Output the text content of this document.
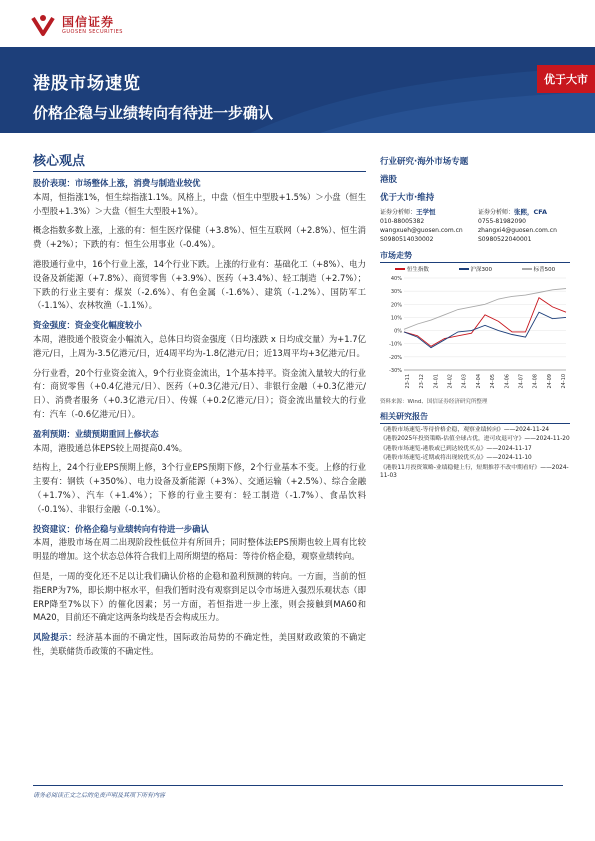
国信证券
GUOSEN SECURITIES
港股市场速览
价格企稳与业绩转向有待进一步确认
优于大市
核心观点

股价表现：市场整体上涨，消费与制造业较优
本周，恒指涨1%，恒生综指涨1.1%。风格上，中盘（恒生中型股+1.5%）＞小盘（恒生小型股+1.3%）＞大盘（恒生大型股+1%）。

概念指数多数上涨，上涨的有：恒生医疗保健（+3.8%）、恒生互联网（+2.8%）、恒生消费（+2%）；下跌的有：恒生公用事业（-0.4%）。

港股通行业中，16个行业上涨，14个行业下跌。上涨的行业有：基础化工（+8%）、电力设备及新能源（+7.8%）、商贸零售（+3.9%）、医药（+3.4%）、轻工制造（+2.7%）；下跌的行业主要有：煤炭（-2.6%）、有色金属（-1.6%）、建筑（-1.2%）、国防军工（-1.1%）、农林牧渔（-1.1%）。

资金强度：资金变化幅度较小
本周，港股通个股资金小幅流入，总体日均资金强度（日均涨跌 x 日均成交量）为+1.7亿港元/日，上周为-3.5亿港元/日，近4周平均为-1.8亿港元/日；近13周平均+3亿港元/日。

分行业看，20个行业资金流入，9个行业资金流出，1个基本持平。资金流入量较大的行业有：商贸零售（+0.4亿港元/日）、医药（+0.3亿港元/日）、非银行金融（+0.3亿港元/日）、消费者服务（+0.3亿港元/日）、传媒（+0.2亿港元/日）；资金流出量较大的行业有：汽车（-0.6亿港元/日）。

盈利预期：业绩预期重回上修状态
本周，港股通总体EPS较上周提高0.4%。

结构上，24个行业EPS预期上修，3个行业EPS预期下修，2个行业基本不变。上修的行业主要有：钢铁（+350%）、电力设备及新能源（+3%）、交通运输（+2.5%）、综合金融（+1.7%）、汽车（+1.4%）；下修的行业主要有：轻工制造（-1.7%）、食品饮料（-0.1%）、非银行金融（-0.1%）。

投资建议：价格企稳与业绩转向有待进一步确认
本周，港股市场在周二出现阶段性低位并有所回升；同时整体法EPS预期也较上周有比较明显的增加。这个状态总体符合我们上周所期望的格局：等待价格企稳，观察业绩转向。

但是，一周的变化还不足以让我们确认价格的企稳和盈利预测的转向。一方面，当前的恒指ERP为7%，即长期中枢水平，但我们暂时没有观察到足以令市场进入强烈乐观状态（即ERP降至7%以下）的催化因素；另一方面，若恒指进一步上涨，则会接触到MA60和MA20，目前还不确定这两条均线是否会构成压力。

风险提示：经济基本面的不确定性，国际政治局势的不确定性，美国财政政策的不确定性，美联储货币政策的不确定性。

行业研究·海外市场专题
港股
优于大市·维持
证券分析师：王学恒
010-88005382
wangxueh@guosen.com.cn
S0980514030002
证券分析师：张熙，CFA
0755-81982090
zhangxi4@guosen.com.cn
S0980522040001
市场走势
恒生指数	沪深300	标普500
-30%
-20%
-10%
0%
10%
20%
30%
40%
23-11 23-12 24-01 24-02 24-03 24-04 24-05 24-06 24-07 24-08 24-09 24-10
资料来源：Wind、国信证券经济研究所整理
相关研究报告
《港股市场速览-等待价格企稳，观察业绩转向》——2024-11-24
《港股2025年投资策略-估值全球占优，进可攻退可守》——2024-11-20
《港股市场速览-港股或已到达较优买点》——2024-11-17
《港股市场速览-近期或将出现较优买点》——2024-11-10
《港股11月投资策略-业绩稳健上行，短期推荐不改中期看好》——2024-11-03
请务必阅读正文之后的免责声明及其项下所有内容
